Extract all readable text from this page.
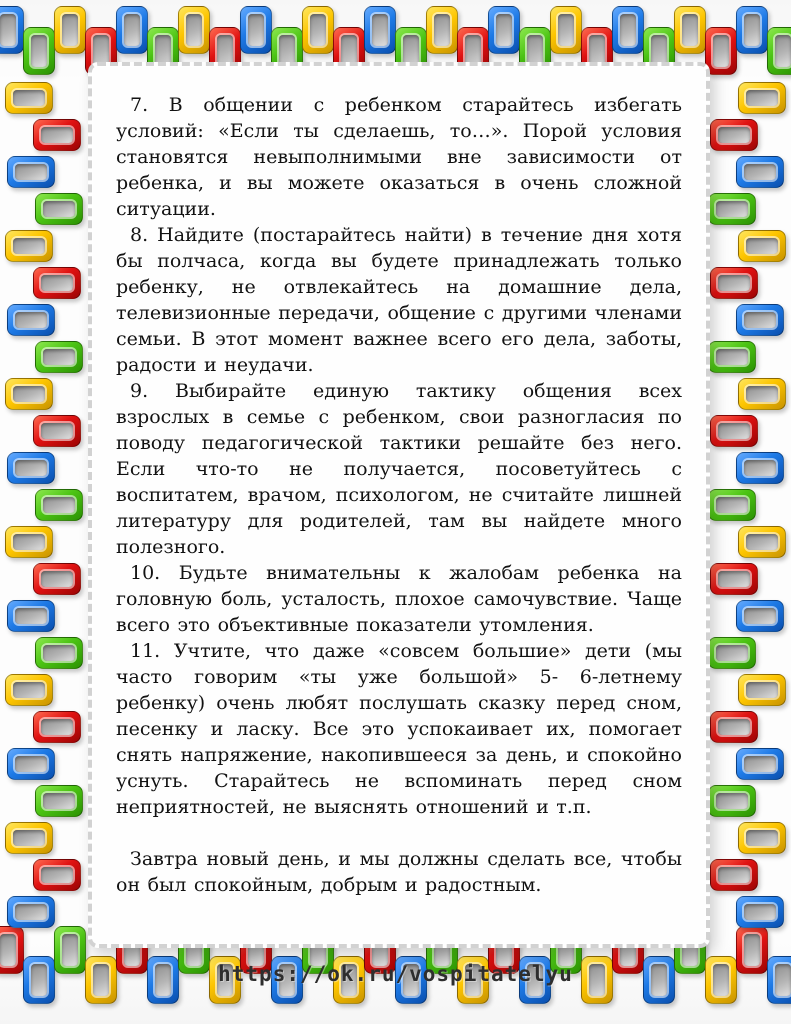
7. В общении с ребенком старайтесь избегать условий: «Если ты сделаешь, то…». Порой условия становятся невыполнимыми вне зависимости от ребенка, и вы можете оказаться в очень сложной ситуации.

8. Найдите (постарайтесь найти) в течение дня хотя бы полчаса, когда вы будете принадлежать только ребенку, не отвлекайтесь на домашние дела, телевизионные передачи, общение с другими членами семьи. В этот момент важнее всего его дела, заботы, радости и неудачи.

9. Выбирайте единую тактику общения всех взрослых в семье с ребенком, свои разногласия по поводу педагогической тактики решайте без него. Если что-то не получается, посоветуйтесь с воспитатем, врачом, психологом, не считайте лишней литературу для родителей, там вы найдете много полезного.

10. Будьте внимательны к жалобам ребенка на головную боль, усталость, плохое самочувствие. Чаще всего это объективные показатели утомления.

11. Учтите, что даже «совсем большие» дети (мы часто говорим «ты уже большой» 5- 6-летнему ребенку) очень любят послушать сказку перед сном, песенку и ласку. Все это успокаивает их, помогает снять напряжение, накопившееся за день, и спокойно уснуть. Старайтесь не вспоминать перед сном неприятностей, не выяснять отношений и т.п.

Завтра новый день, и мы должны сделать все, чтобы он был спокойным, добрым и радостным.

https://ok.ru/vospitatelyu
